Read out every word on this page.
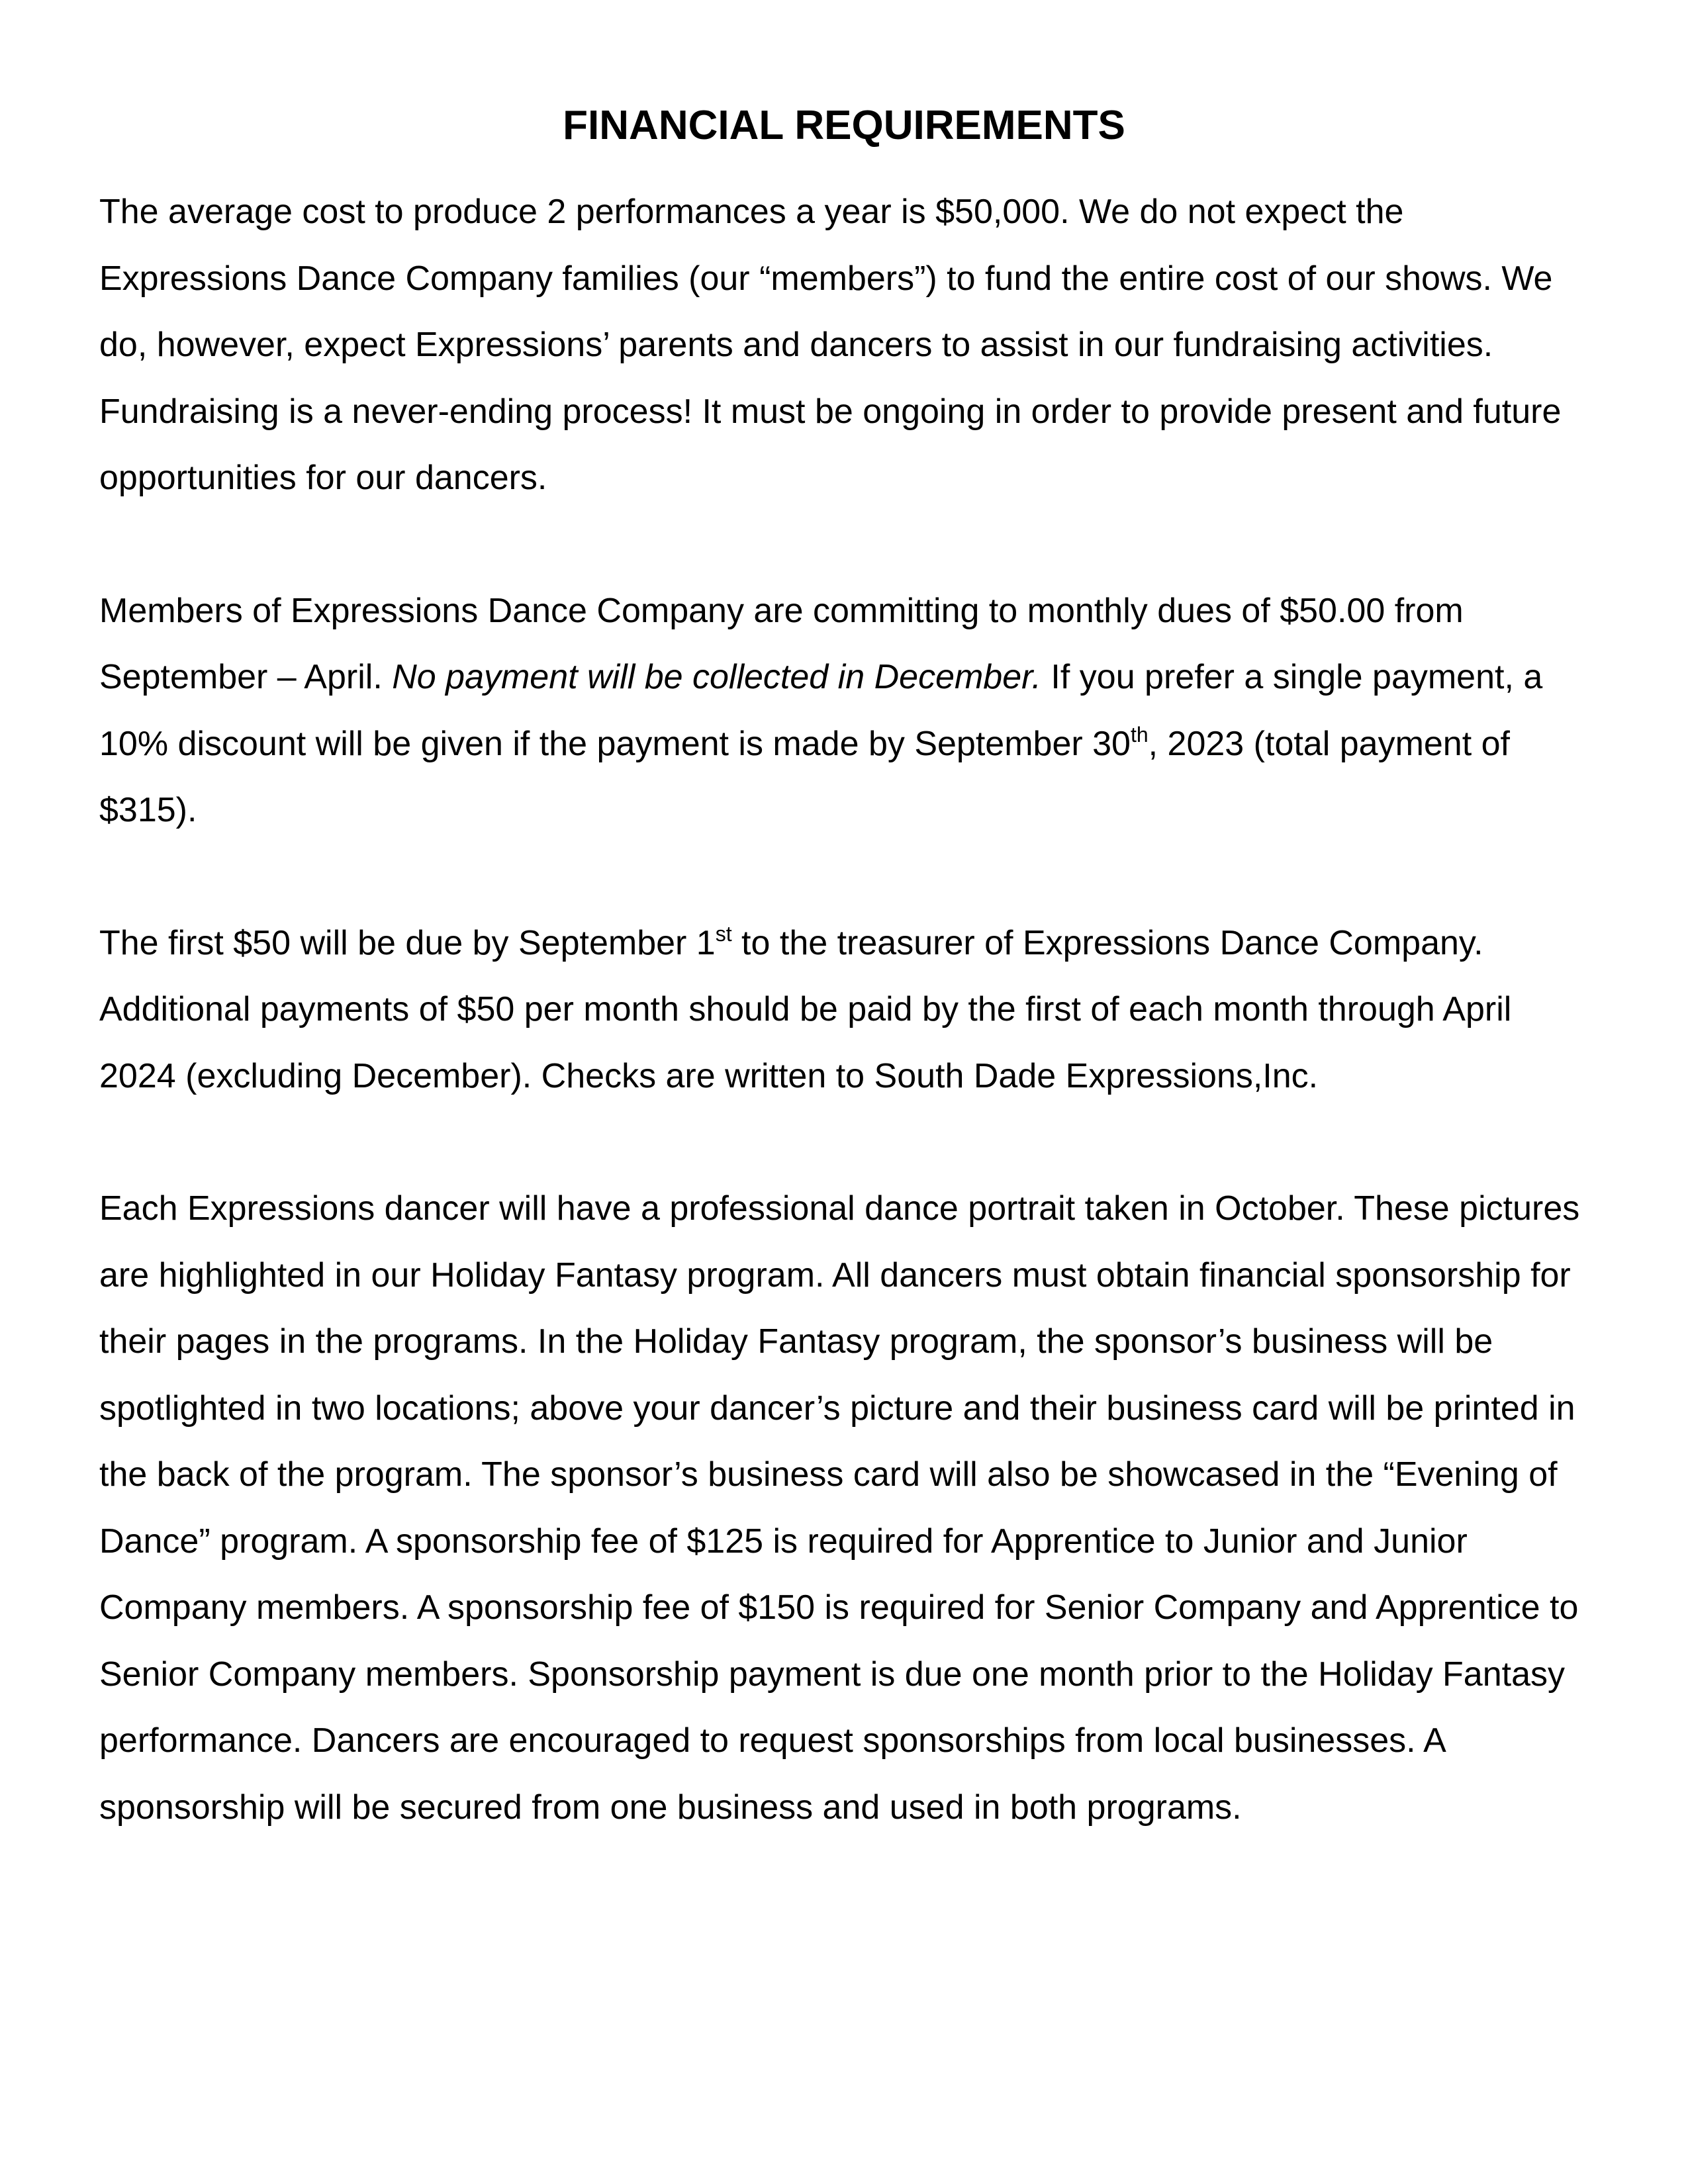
FINANCIAL REQUIREMENTS

The average cost to produce 2 performances a year is $50,000. We do not expect the Expressions Dance Company families (our “members”) to fund the entire cost of our shows. We do, however, expect Expressions’ parents and dancers to assist in our fundraising activities. Fundraising is a never-ending process! It must be ongoing in order to provide present and future opportunities for our dancers.

Members of Expressions Dance Company are committing to monthly dues of $50.00 from September – April. No payment will be collected in December. If you prefer a single payment, a 10% discount will be given if the payment is made by September 30th, 2023 (total payment of $315).

The first $50 will be due by September 1st to the treasurer of Expressions Dance Company. Additional payments of $50 per month should be paid by the first of each month through April 2024 (excluding December). Checks are written to South Dade Expressions,Inc.

Each Expressions dancer will have a professional dance portrait taken in October. These pictures are highlighted in our Holiday Fantasy program. All dancers must obtain financial sponsorship for their pages in the programs. In the Holiday Fantasy program, the sponsor’s business will be spotlighted in two locations; above your dancer’s picture and their business card will be printed in the back of the program. The sponsor’s business card will also be showcased in the “Evening of Dance” program. A sponsorship fee of $125 is required for Apprentice to Junior and Junior Company members. A sponsorship fee of $150 is required for Senior Company and Apprentice to Senior Company members. Sponsorship payment is due one month prior to the Holiday Fantasy performance. Dancers are encouraged to request sponsorships from local businesses. A sponsorship will be secured from one business and used in both programs.
